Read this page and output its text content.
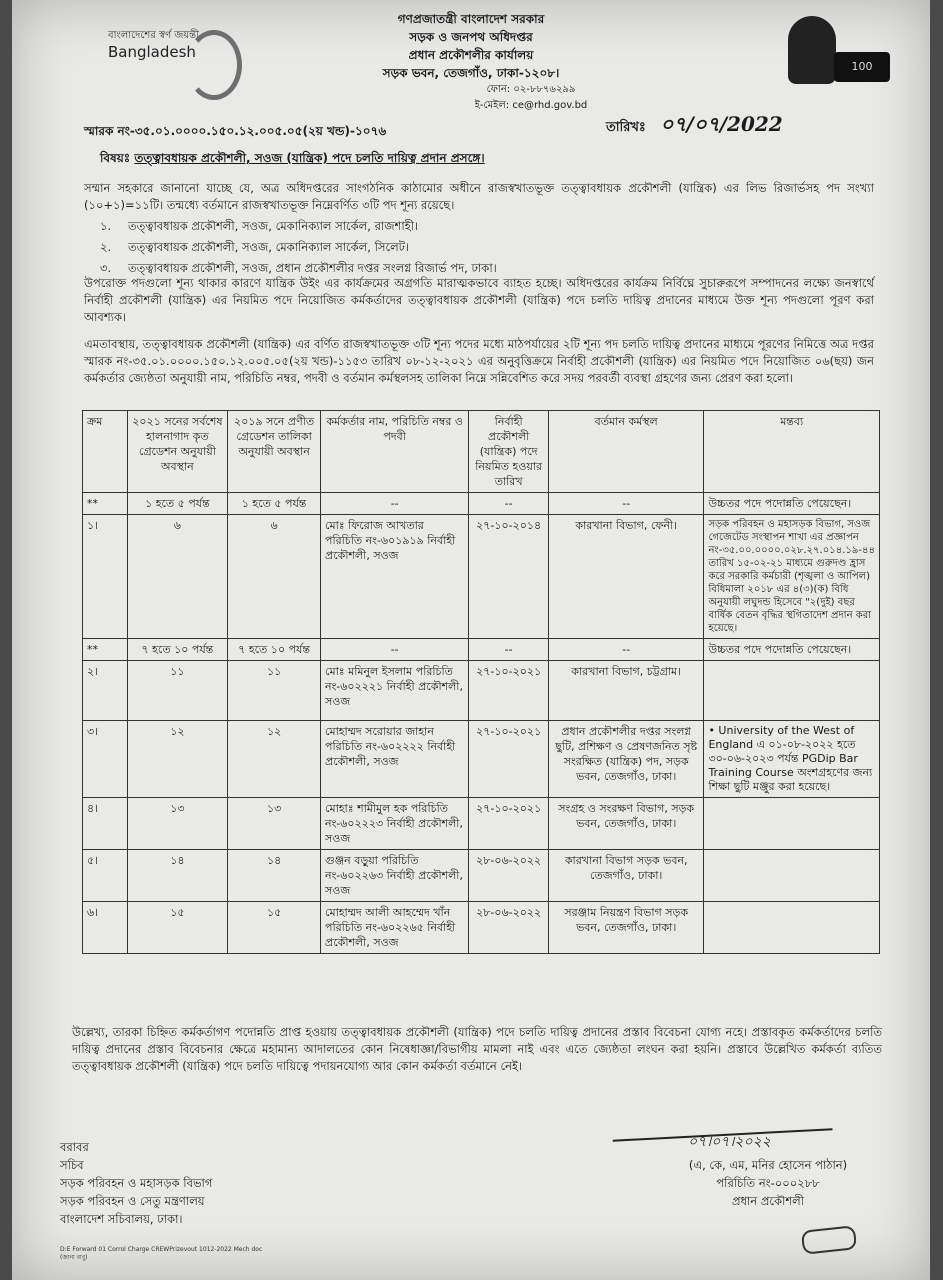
বাংলাদেশের স্বর্ণ জয়ন্তী
Bangladesh
100
গণপ্রজাতন্ত্রী বাংলাদেশ সরকার
সড়ক ও জনপথ অধিদপ্তর
প্রধান প্রকৌশলীর কার্যালয়
সড়ক ভবন, তেজগাঁও, ঢাকা-১২০৮।
ফোন: ০২-৮৮৭৬২৯৯
ই-মেইল: ce@rhd.gov.bd
স্মারক নং-৩৫.০১.০০০০.১৫০.১২.০০৫.০৫(২য় খন্ড)-১০৭৬	তারিখঃ ০৭/০৭/2022
বিষয়ঃ তত্ত্বাবধায়ক প্রকৌশলী, সওজ (যান্ত্রিক) পদে চলতি দায়িত্ব প্রদান প্রসঙ্গে।
সম্মান সহকারে জানানো যাচ্ছে যে, অত্র অধিদপ্তরের সাংগঠনিক কাঠামোর অধীনে রাজস্বখাতভূক্ত তত্ত্বাবধায়ক প্রকৌশলী (যান্ত্রিক) এর লিভ রিজার্ভসহ পদ সংখ্যা (১০+১)=১১টি। তন্মধ্যে বর্তমানে রাজস্বখাতভূক্ত নিম্নেবর্ণিত ৩টি পদ শূন্য রয়েছে।
১. তত্ত্বাবধায়ক প্রকৌশলী, সওজ, মেকানিক্যাল সার্কেল, রাজশাহী।
২. তত্ত্বাবধায়ক প্রকৌশলী, সওজ, মেকানিক্যাল সার্কেল, সিলেট।
৩. তত্ত্বাবধায়ক প্রকৌশলী, সওজ, প্রধান প্রকৌশলীর দপ্তর সংলগ্ন রিজার্ভ পদ, ঢাকা।
উপরোক্ত পদগুলো শূন্য থাকার কারণে যান্ত্রিক উইং এর কার্যক্রমের অগ্রগতি মারাত্মকভাবে ব্যাহত হচ্ছে। অধিদপ্তরের কার্যক্রম নির্বিঘ্নে সুচারুরূপে সম্পাদনের লক্ষ্যে জনস্বার্থে নির্বাহী প্রকৌশলী (যান্ত্রিক) এর নিয়মিত পদে নিয়োজিত কর্মকর্তাদের তত্ত্বাবধায়ক প্রকৌশলী (যান্ত্রিক) পদে চলতি দায়িত্ব প্রদানের মাধ্যমে উক্ত শূন্য পদগুলো পূরণ করা আবশ্যক।
এমতাবস্থায়, তত্ত্বাবধায়ক প্রকৌশলী (যান্ত্রিক) এর বর্ণিত রাজস্বখাতভূক্ত ৩টি শূন্য পদের মধ্যে মাঠপর্যায়ের ২টি শূন্য পদ চলতি দায়িত্ব প্রদানের মাধ্যমে পূরণের নিমিত্তে অত্র দপ্তর স্মারক নং-৩৫.০১.০০০০.১৫০.১২.০০৫.০৫(২য় খন্ড)-১১৫৩ তারিখ ০৮-১২-২০২১ এর অনুবৃত্তিক্রমে নির্বাহী প্রকৌশলী (যান্ত্রিক) এর নিয়মিত পদে নিয়োজিত ০৬(ছয়) জন কর্মকর্তার জ্যেষ্ঠতা অনুযায়ী নাম, পরিচিতি নম্বর, পদবী ও বর্তমান কর্মস্থলসহ তালিকা নিম্নে সন্নিবেশিত করে সদয় পরবর্তী ব্যবস্থা গ্রহণের জন্য প্রেরণ করা হলো।
ক্রম	২০২১ সনের সর্বশেষ হালনাগাদ কৃত গ্রেডেশন অনুযায়ী অবস্থান	২০১৯ সনে প্রণীত গ্রেডেশন তালিকা অনুযায়ী অবস্থান	কর্মকর্তার নাম, পরিচিতি নম্বর ও পদবী	নির্বাহী প্রকৌশলী (যান্ত্রিক) পদে নিয়মিত হওয়ার তারিখ	বর্তমান কর্মস্থল	মন্তব্য
**	১ হতে ৫ পর্যন্ত	১ হতে ৫ পর্যন্ত	--	--	--	উচ্চতর পদে পদোন্নতি পেয়েছেন।
১।	৬	৬	মোঃ ফিরোজ আখতার পরিচিতি নং-৬০১৯১৯ নির্বাহী প্রকৌশলী, সওজ	২৭-১০-২০১৪	কারখানা বিভাগ, ফেনী।	সড়ক পরিবহন ও মহাসড়ক বিভাগ, সওজ গেজেটেড সংস্থাপন শাখা এর প্রজ্ঞাপন নং-৩৫.০০.০০০০.০২৮.২৭.০১৪.১৯-৪৪ তারিখ ১৫-০২-২১ মাধ্যমে গুরুদণ্ড হ্রাস করে সরকারি কর্মচারী (শৃঙ্খলা ও আপিল) বিধিমালা ২০১৮ এর ৪(৩)(ক) বিধি অনুযায়ী লঘুদন্ড হিসেবে "২(দুই) বছর বার্ষিক বেতন বৃদ্ধির স্থগিতাদেশ প্রদান করা হয়েছে।
**	৭ হতে ১০ পর্যন্ত	৭ হতে ১০ পর্যন্ত	--	--	--	উচ্চতর পদে পদোন্নতি পেয়েছেন।
২।	১১	১১	মোঃ মমিনুল ইসলাম পরিচিতি নং-৬০২২২১ নির্বাহী প্রকৌশলী, সওজ	২৭-১০-২০২১	কারখানা বিভাগ, চট্টগ্রাম।	
৩।	১২	১২	মোহাম্মদ সরোয়ার জাহান পরিচিতি নং-৬০২২২২ নির্বাহী প্রকৌশলী, সওজ	২৭-১০-২০২১	প্রধান প্রকৌশলীর দপ্তর সংলগ্ন ছুটি, প্রশিক্ষণ ও প্রেষণজনিত সৃষ্ট সংরক্ষিত (যান্ত্রিক) পদ, সড়ক ভবন, তেজগাঁও, ঢাকা।	• University of the West of England এ ০১-০৮-২০২২ হতে ৩০-০৬-২০২৩ পর্যন্ত PGDip Bar Training Course অংশগ্রহণের জন্য শিক্ষা ছুটি মঞ্জুর করা হয়েছে।
৪।	১৩	১৩	মোহাঃ শামীমুল হক পরিচিতি নং-৬০২২২৩ নির্বাহী প্রকৌশলী, সওজ	২৭-১০-২০২১	সংগ্রহ ও সংরক্ষণ বিভাগ, সড়ক ভবন, তেজগাঁও, ঢাকা।	
৫।	১৪	১৪	গুঞ্জন বড়ুয়া পরিচিতি নং-৬০২২৬৩ নির্বাহী প্রকৌশলী, সওজ	২৮-০৬-২০২২	কারখানা বিভাগ সড়ক ভবন, তেজগাঁও, ঢাকা।	
৬।	১৫	১৫	মোহাম্মদ আলী আহম্মেদ খাঁন পরিচিতি নং-৬০২২৬৫ নির্বাহী প্রকৌশলী, সওজ	২৮-০৬-২০২২	সরঞ্জাম নিয়ন্ত্রণ বিভাগ সড়ক ভবন, তেজগাঁও, ঢাকা।	
উল্লেখ্য, তারকা চিহ্নিত কর্মকর্তাগণ পদোন্নতি প্রাপ্ত হওয়ায় তত্ত্বাবধায়ক প্রকৌশলী (যান্ত্রিক) পদে চলতি দায়িত্ব প্রদানের প্রস্তাব বিবেচনা যোগ্য নহে। প্রস্তাবকৃত কর্মকর্তাদের চলতি দায়িত্ব প্রদানের প্রস্তাব বিবেচনার ক্ষেত্রে মহামান্য আদালতের কোন নিষেধাজ্ঞা/বিভাগীয় মামলা নাই এবং এতে জ্যেষ্ঠতা লংঘন করা হয়নি। প্রস্তাবে উল্লেখিত কর্মকর্তা ব্যতিত তত্ত্বাবধায়ক প্রকৌশলী (যান্ত্রিক) পদে চলতি দায়িত্বে পদায়নযোগ্য আর কোন কর্মকর্তা বর্তমানে নেই।
০৭।০৭।২০২২
(এ, কে, এম, মনির হোসেন পাঠান)
পরিচিতি নং-০০০২৮৮
প্রধান প্রকৌশলী
বরাবর
সচিব
সড়ক পরিবহন ও মহাসড়ক বিভাগ
সড়ক পরিবহন ও সেতু মন্ত্রণালয়
বাংলাদেশ সচিবালয়, ঢাকা।
D:E Forward 01 Corrol Charge CREWPrizevout 1012-2022 Mech doc
(জানা বাবু)
